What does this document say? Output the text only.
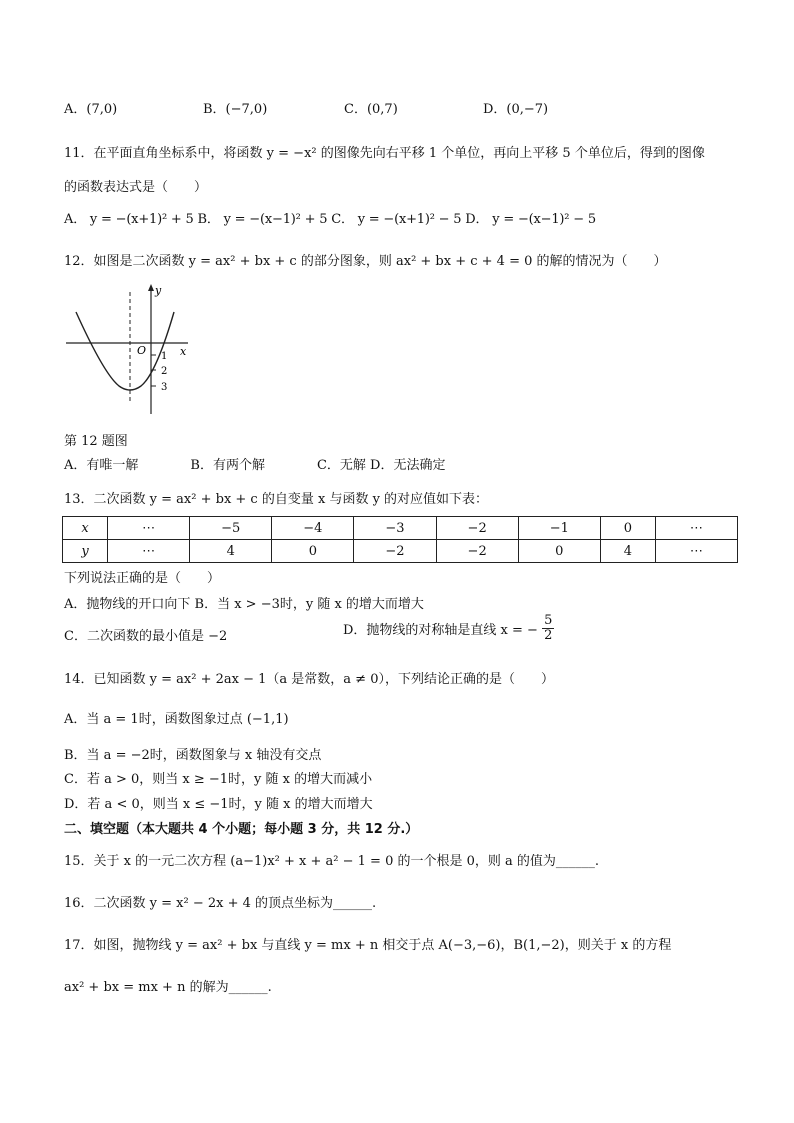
A．(7,0)	B．(−7,0)	C．(0,7)	D．(0,−7)
11．在平面直角坐标系中，将函数 y = −x² 的图像先向右平移 1 个单位，再向上平移 5 个单位后，得到的图像
的函数表达式是（　　）
A． y = −(x+1)² + 5 B． y = −(x−1)² + 5 C． y = −(x+1)² − 5 D． y = −(x−1)² − 5
12．如图是二次函数 y = ax² + bx + c 的部分图象，则 ax² + bx + c + 4 = 0 的解的情况为（　　）
y
x
O 1
2
3
第 12 题图
A．有唯一解　　　　B．有两个解　　　　C．无解 D．无法确定
13．二次函数 y = ax² + bx + c 的自变量 x 与函数 y 的对应值如下表：
x	⋯	−5	−4	−3	−2	−1	0	⋯
y	⋯	4	0	−2	−2	0	4	⋯
下列说法正确的是（　　）
A．抛物线的开口向下 B．当 x > −3时，y 随 x 的增大而增大
C．二次函数的最小值是 −2	D．抛物线的对称轴是直线 x = − $\frac{5}{2}$
14．已知函数 y = ax² + 2ax − 1（a 是常数，a ≠ 0），下列结论正确的是（　　）
A．当 a = 1时，函数图象过点 (−1,1)
B．当 a = −2时，函数图象与 x 轴没有交点
C．若 a > 0，则当 x ≥ −1时，y 随 x 的增大而减小
D．若 a < 0，则当 x ≤ −1时，y 随 x 的增大而增大
二、填空题（本大题共 4 个小题；每小题 3 分，共 12 分.）
15．关于 x 的一元二次方程 (a−1)x² + x + a² − 1 = 0 的一个根是 0，则 a 的值为______.
16．二次函数 y = x² − 2x + 4 的顶点坐标为______.
17．如图，抛物线 y = ax² + bx 与直线 y = mx + n 相交于点 A(−3,−6)，B(1,−2)，则关于 x 的方程
ax² + bx = mx + n 的解为______.
